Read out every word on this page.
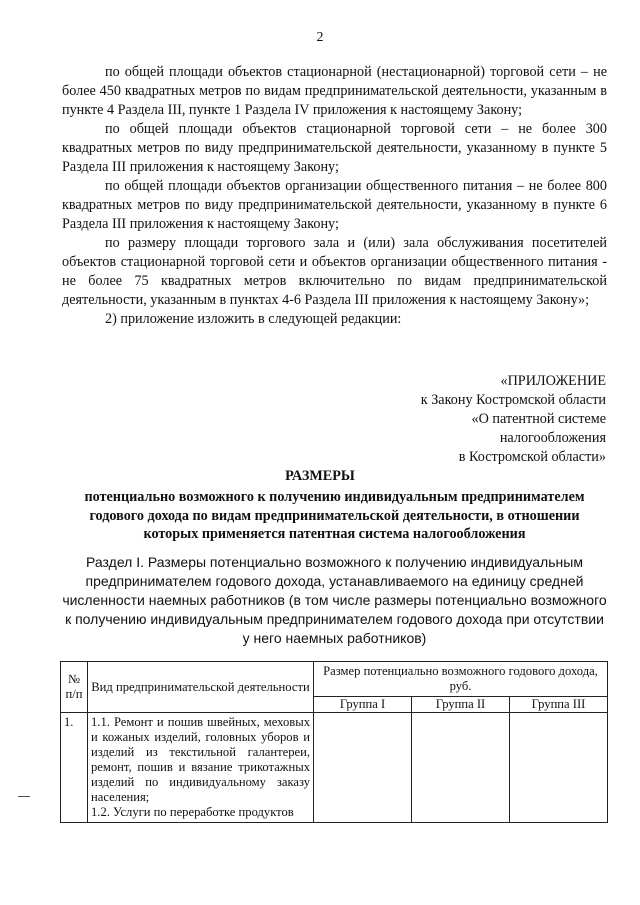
2

по общей площади объектов стационарной (нестационарной) торговой сети – не более 450 квадратных метров по видам предпринимательской деятельности, указанным в пункте 4 Раздела III, пункте 1 Раздела IV приложения к настоящему Закону;

по общей площади объектов стационарной торговой сети – не более 300 квадратных метров по виду предпринимательской деятельности, указанному в пункте 5 Раздела III приложения к настоящему Закону;

по общей площади объектов организации общественного питания – не более 800 квадратных метров по виду предпринимательской деятельности, указанному в пункте 6 Раздела III приложения к настоящему Закону;

по размеру площади торгового зала и (или) зала обслуживания посетителей объектов стационарной торговой сети и объектов организации общественного питания - не более 75 квадратных метров включительно по видам предпринимательской деятельности, указанным в пунктах 4-6 Раздела III приложения к настоящему Закону»;

2) приложение изложить в следующей редакции:

«ПРИЛОЖЕНИЕ
к Закону Костромской области
«О патентной системе
налогообложения
в Костромской области»
РАЗМЕРЫ
потенциально возможного к получению индивидуальным предпринимателем годового дохода по видам предпринимательской деятельности, в отношении которых применяется патентная система налогообложения
Раздел I. Размеры потенциально возможного к получению индивидуальным предпринимателем годового дохода, устанавливаемого на единицу средней численности наемных работников (в том числе размеры потенциально возможного к получению индивидуальным предпринимателем годового дохода при отсутствии у него наемных работников)
№ п/п	Вид предпринимательской деятельности	Размер потенциально возможного годового дохода, руб.		
		Группа I	Группа II	Группа III
1.	1.1. Ремонт и пошив швейных, меховых и кожаных изделий, головных уборов и изделий из текстильной галантереи, ремонт, пошив и вязание трикотажных изделий по индивидуальному заказу населения;

1.2. Услуги по переработке продуктов			
